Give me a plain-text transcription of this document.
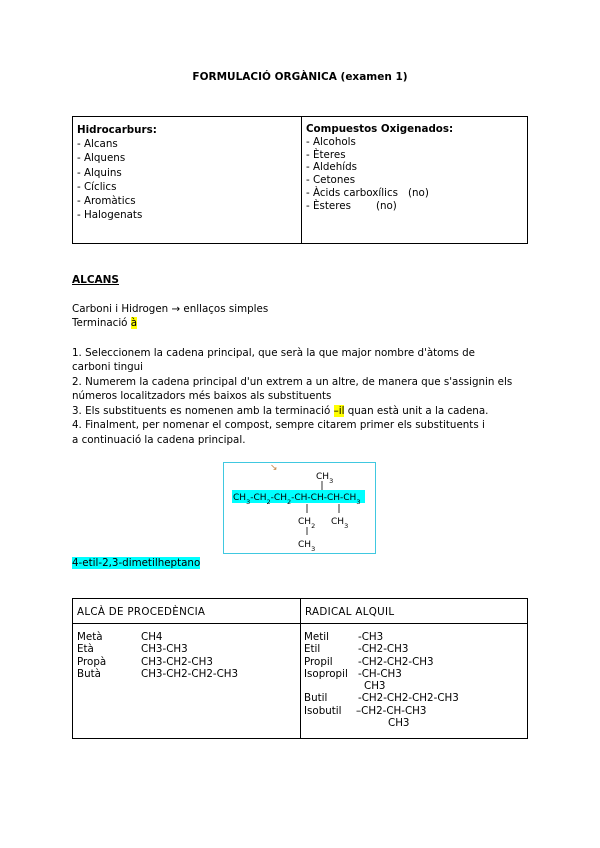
FORMULACIÓ ORGÀNICA (examen 1)
Hidrocarburs:
- Alcans
- Alquens
- Alquins
- Cíclics
- Aromàtics
- Halogenats
Compuestos Oxigenados:
- Alcohols
- Èteres
- Aldehíds
- Cetones
- Àcids carboxílics (no)
- Èsteres (no)
ALCANS
Carboni i Hidrogen → enllaços simples
Terminació à
1. Seleccionem la cadena principal, que serà la que major nombre d'àtoms de
carboni tingui
2. Numerem la cadena principal d'un extrem a un altre, de manera que s'assignin els
números localitzadors més baixos als substituents
3. Els substituents es nomenen amb la terminació –il quan està unit a la cadena.
4. Finalment, per nomenar el compost, sempre citarem primer els substituents i
a continuació la cadena principal.
$CH_3-CH_2-CH_2-CH-CH-CH-CH_3$
$CH_3$
$CH_2$ $CH_3$
$CH_3$
↘
4-etil-2,3-dimetilheptano
ALCÀ DE PROCEDÈNCIA	RADICAL ALQUIL
Metà	CH4
Età	CH3-CH3
Propà	CH3-CH2-CH3
Butà	CH3-CH2-CH2-CH3
Metil	-CH3
Etil	-CH2-CH3
Propil -CH2-CH2-CH3
Isopropil -CH-CH3
CH3
Butil	-CH2-CH2-CH2-CH3
Isobutil –CH2-CH-CH3
CH3
